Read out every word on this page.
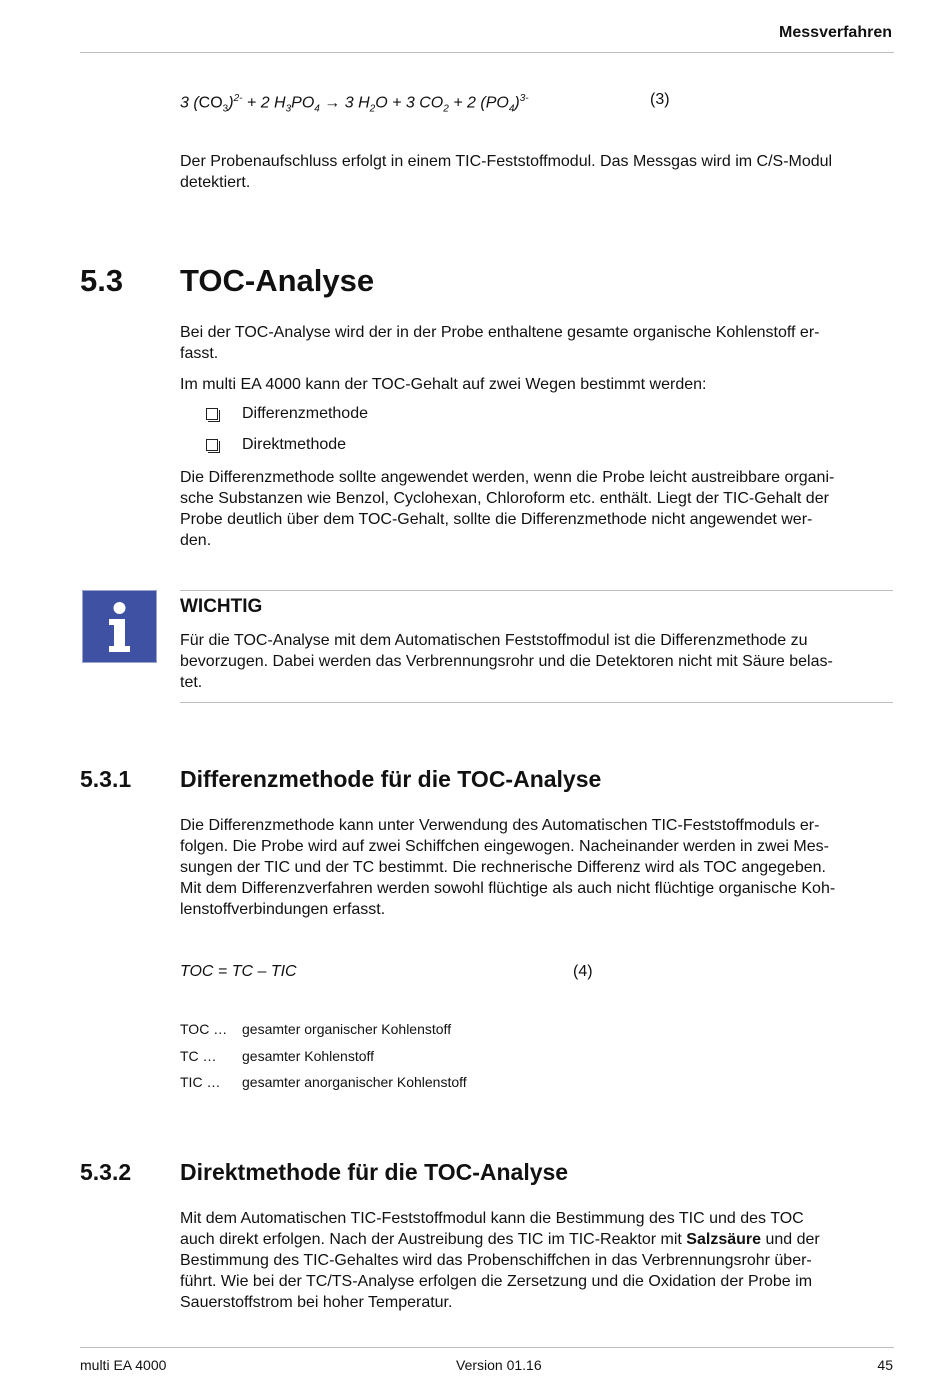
Messverfahren
3 $(CO_3)^{2-} + 2$ $H_3PO_4 \to 3$ $H_2O + 3$ $CO_2 + 2$ $(PO_4)^{3-}$	(3)

Der Probenaufschluss erfolgt in einem TIC-Feststoffmodul. Das Messgas wird im C/S-Modul detektiert.

5.3 TOC-Analyse
Bei der TOC-Analyse wird der in der Probe enthaltene gesamte organische Kohlenstoff er-
fasst.
Im multi EA 4000 kann der TOC-Gehalt auf zwei Wegen bestimmt werden:
Differenzmethode
Direktmethode
Die Differenzmethode sollte angewendet werden, wenn die Probe leicht austreibbare organi-
sche Substanzen wie Benzol, Cyclohexan, Chloroform etc. enthält. Liegt der TIC-Gehalt der
Probe deutlich über dem TOC-Gehalt, sollte die Differenzmethode nicht angewendet wer-
den.
WICHTIG
Für die TOC-Analyse mit dem Automatischen Feststoffmodul ist die Differenzmethode zu
bevorzugen. Dabei werden das Verbrennungsrohr und die Detektoren nicht mit Säure belas-
tet.
5.3.1 Differenzmethode für die TOC-Analyse
Die Differenzmethode kann unter Verwendung des Automatischen TIC-Feststoffmoduls er-
folgen. Die Probe wird auf zwei Schiffchen eingewogen. Nacheinander werden in zwei Mes-
sungen der TIC und der TC bestimmt. Die rechnerische Differenz wird als TOC angegeben.
Mit dem Differenzverfahren werden sowohl flüchtige als auch nicht flüchtige organische Koh-
lenstoffverbindungen erfasst.
TOC = TC – TIC	(4)
TOC … gesamter organischer Kohlenstoff
TC … gesamter Kohlenstoff
TIC … gesamter anorganischer Kohlenstoff
5.3.2 Direktmethode für die TOC-Analyse
Mit dem Automatischen TIC-Feststoffmodul kann die Bestimmung des TIC und des TOC
auch direkt erfolgen. Nach der Austreibung des TIC im TIC-Reaktor mit Salzsäure und der
Bestimmung des TIC-Gehaltes wird das Probenschiffchen in das Verbrennungsrohr über-
führt. Wie bei der TC/TS-Analyse erfolgen die Zersetzung und die Oxidation der Probe im
Sauerstoffstrom bei hoher Temperatur.
multi EA 4000	Version 01.16	45
